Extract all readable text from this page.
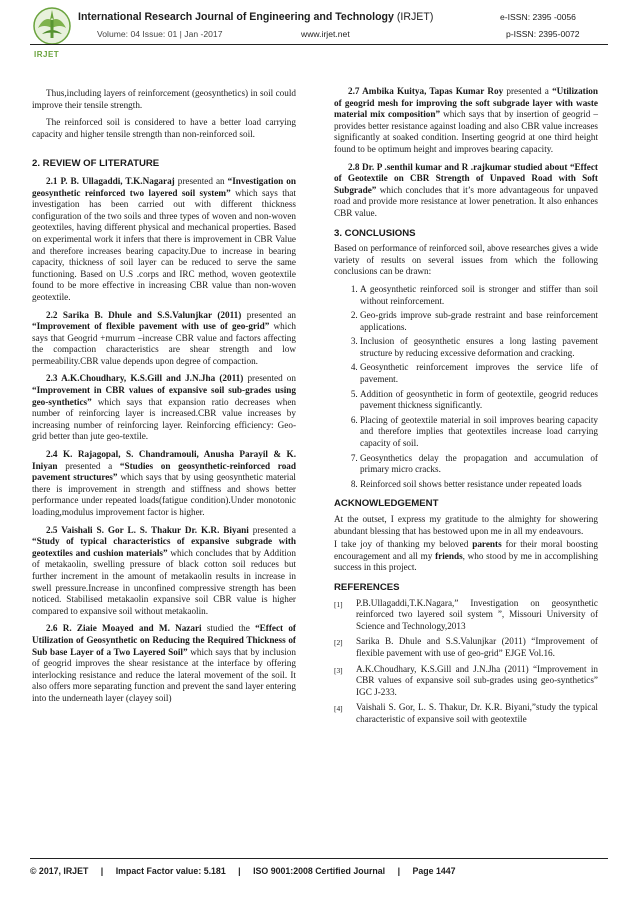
IRJET
International Research Journal of Engineering and Technology (IRJET)	e-ISSN: 2395 -0056
Volume: 04 Issue: 01 | Jan -2017	www.irjet.net	p-ISSN: 2395-0072

Thus,including layers of reinforcement (geosynthetics) in soil could improve their tensile strength.

The reinforced soil is considered to have a better load carrying capacity and higher tensile strength than non-reinforced soil.

2. REVIEW OF LITERATURE

2.1 P. B. Ullagaddi, T.K.Nagaraj presented an “Investigation on geosynthetic reinforced two layered soil system” which says that investigation has been carried out with different thickness configuration of the two soils and three types of woven and non-woven geotextiles, having different physical and mechanical properties. Based on experimental work it infers that there is improvement in CBR Value and therefore increases bearing capacity.Due to increase in bearing capacity, thickness of soil layer can be reduced to serve the same functioning. Based on U.S .corps and IRC method, woven geotextile found to be more effective in increasing CBR value than non-woven geotextile.

2.2 Sarika B. Dhule and S.S.Valunjkar (2011) presented an “Improvement of flexible pavement with use of geo-grid” which says that Geogrid +murrum –increase CBR value and factors affecting the compaction characteristics are shear strength and low permeability.CBR value depends upon degree of compaction.

2.3 A.K.Choudhary, K.S.Gill and J.N.Jha (2011) presented on “Improvement in CBR values of expansive soil sub-grades using geo-synthetics” which says that expansion ratio decreases when number of reinforcing layer is increased.CBR value increases by increasing number of reinforcing layer. Reinforcing efficiency: Geo-grid better than jute geo-textile.

2.4 K. Rajagopal, S. Chandramouli, Anusha Parayil & K. Iniyan presented a “Studies on geosynthetic-reinforced road pavement structures” which says that by using geosynthetic material there is improvement in strength and stiffness and shows better performance under repeated loads(fatigue condition).Under monotonic loading,modulus improvement factor is higher.

2.5 Vaishali S. Gor L. S. Thakur Dr. K.R. Biyani presented a “Study of typical characteristics of expansive subgrade with geotextiles and cushion materials” which concludes that by Addition of metakaolin, swelling pressure of black cotton soil reduces but further increment in the amount of metakaolin results in increase in swell pressure.Increase in unconfined compressive strength has been noticed. Stabilised metakaolin expansive soil CBR value is higher compared to expansive soil without metakaolin.

2.6 R. Ziaie Moayed and M. Nazari studied the “Effect of Utilization of Geosynthetic on Reducing the Required Thickness of Sub base Layer of a Two Layered Soil” which says that by inclusion of geogrid improves the shear resistance at the interface by offering interlocking resistance and reduce the lateral movement of the soil. It also offers more separating function and prevent the sand layer entering into the underneath layer (clayey soil)

2.7 Ambika Kuitya, Tapas Kumar Roy presented a “Utilization of geogrid mesh for improving the soft subgrade layer with waste material mix composition” which says that by insertion of geogrid –provides better resistance against loading and also CBR value increases significantly at soaked condition. Inserting geogrid at one third height found to be optimum height and improves bearing capacity.

2.8 Dr. P .senthil kumar and R .rajkumar studied about “Effect of Geotextile on CBR Strength of Unpaved Road with Soft Subgrade” which concludes that it’s more advantageous for unpaved road and provide more resistance at lower penetration. It also enhances CBR value.

3. CONCLUSIONS

Based on performance of reinforced soil, above researches gives a wide variety of results on several issues from which the following conclusions can be drawn:

1. A geosynthetic reinforced soil is stronger and stiffer than soil without reinforcement.
2. Geo-grids improve sub-grade restraint and base reinforcement applications.
3. Inclusion of geosynthetic ensures a long lasting pavement structure by reducing excessive deformation and cracking.
4. Geosynthetic reinforcement improves the service life of pavement.
5. Addition of geosynthetic in form of geotextile, geogrid reduces pavement thickness significantly.
6. Placing of geotextile material in soil improves bearing capacity and therefore implies that geotextiles increase load carrying capacity of soil.
7. Geosynthetics delay the propagation and accumulation of primary micro cracks.
8. Reinforced soil shows better resistance under repeated loads
ACKNOWLEDGEMENT

At the outset, I express my gratitude to the almighty for showering abundant blessing that has bestowed upon me in all my endeavours.

I take joy of thanking my beloved parents for their moral boosting encouragement and all my friends, who stood by me in accomplishing success in this project.

REFERENCES
[1] P.B.Ullagaddi,T.K.Nagara,” Investigation on geosynthetic reinforced two layered soil system ”, Missouri University of Science and Technology,2013
[2] Sarika B. Dhule and S.S.Valunjkar (2011) “Improvement of flexible pavement with use of geo-grid” EJGE Vol.16.
[3] A.K.Choudhary, K.S.Gill and J.N.Jha (2011) “Improvement in CBR values of expansive soil sub-grades using geo-synthetics” IGC J-233.
[4] Vaishali S. Gor, L. S. Thakur, Dr. K.R. Biyani,”study the typical characteristic of expansive soil with geotextile
© 2017, IRJET | Impact Factor value: 5.181 | ISO 9001:2008 Certified Journal | Page 1447
